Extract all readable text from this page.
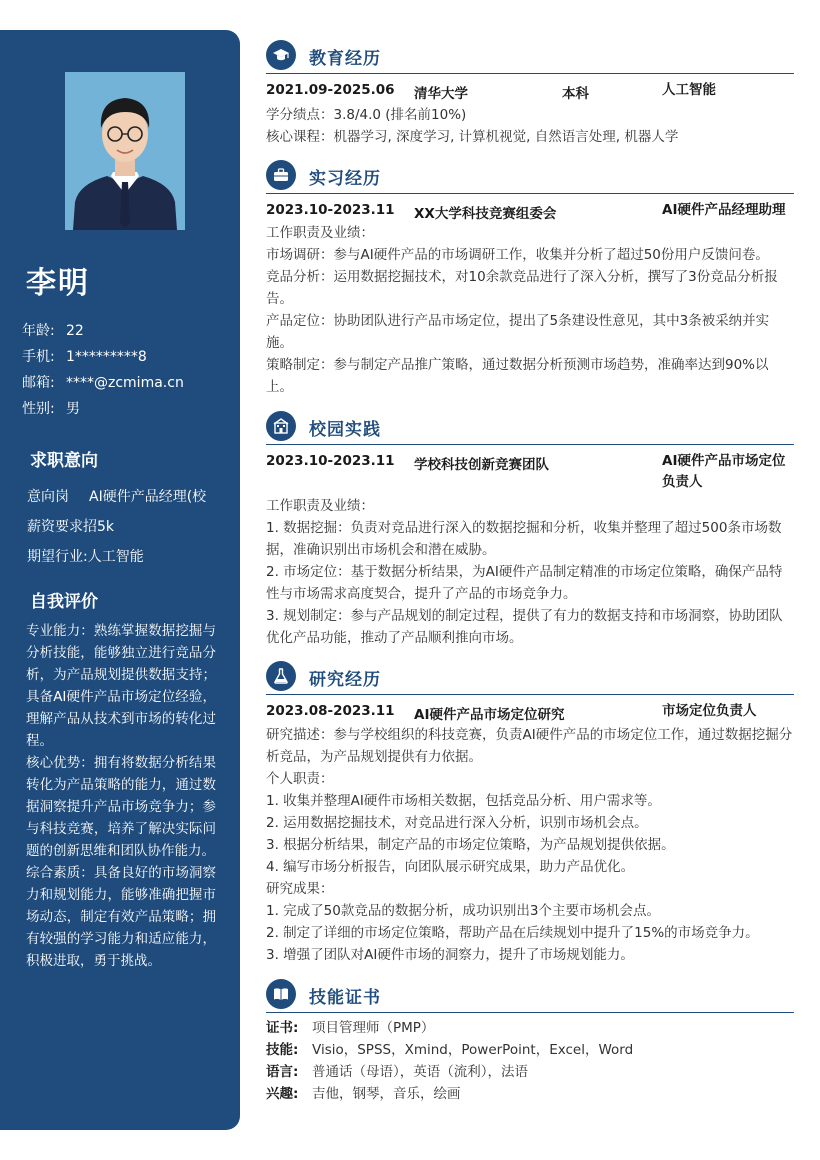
李明
年龄: 22
手机: 1*********8
邮箱: ****@zcmima.cn
性别: 男
求职意向
意向岗 AI硬件产品经理(校
薪资要求招5k
期望行业:人工智能
自我评价

专业能力：熟练掌握数据挖掘与分析技能，能够独立进行竞品分析，为产品规划提供数据支持；具备AI硬件产品市场定位经验，理解产品从技术到市场的转化过程。

核心优势：拥有将数据分析结果转化为产品策略的能力，通过数据洞察提升产品市场竞争力；参与科技竞赛，培养了解决实际问题的创新思维和团队协作能力。

综合素质：具备良好的市场洞察力和规划能力，能够准确把握市场动态，制定有效产品策略；拥有较强的学习能力和适应能力，积极进取，勇于挑战。

教育经历
2021.09-2025.06 清华大学	本科	人工智能

学分绩点：3.8/4.0 (排名前10%)

核心课程：机器学习, 深度学习, 计算机视觉, 自然语言处理, 机器人学

实习经历
2023.10-2023.11 XX大学科技竞赛组委会	AI硬件产品经理助理

工作职责及业绩：

市场调研：参与AI硬件产品的市场调研工作，收集并分析了超过50份用户反馈问卷。

竞品分析：运用数据挖掘技术，对10余款竞品进行了深入分析，撰写了3份竞品分析报告。

产品定位：协助团队进行产品市场定位，提出了5条建设性意见，其中3条被采纳并实施。

策略制定：参与制定产品推广策略，通过数据分析预测市场趋势，准确率达到90%以上。

校园实践
2023.10-2023.11 学校科技创新竞赛团队	AI硬件产品市场定位负责人

工作职责及业绩：

1. 数据挖掘：负责对竞品进行深入的数据挖掘和分析，收集并整理了超过500条市场数据，准确识别出市场机会和潜在威胁。

2. 市场定位：基于数据分析结果，为AI硬件产品制定精准的市场定位策略，确保产品特性与市场需求高度契合，提升了产品的市场竞争力。

3. 规划制定：参与产品规划的制定过程，提供了有力的数据支持和市场洞察，协助团队优化产品功能，推动了产品顺利推向市场。

研究经历
2023.08-2023.11 AI硬件产品市场定位研究	市场定位负责人

研究描述：参与学校组织的科技竞赛，负责AI硬件产品的市场定位工作，通过数据挖掘分析竞品，为产品规划提供有力依据。

个人职责：

1. 收集并整理AI硬件市场相关数据，包括竞品分析、用户需求等。

2. 运用数据挖掘技术，对竞品进行深入分析，识别市场机会点。

3. 根据分析结果，制定产品的市场定位策略，为产品规划提供依据。

4. 编写市场分析报告，向团队展示研究成果，助力产品优化。

研究成果：

1. 完成了50款竞品的数据分析，成功识别出3个主要市场机会点。

2. 制定了详细的市场定位策略，帮助产品在后续规划中提升了15%的市场竞争力。

3. 增强了团队对AI硬件市场的洞察力，提升了市场规划能力。

技能证书
证书: 项目管理师（PMP）
技能: Visio，SPSS，Xmind，PowerPoint，Excel，Word
语言: 普通话（母语），英语（流利），法语
兴趣: 吉他，钢琴，音乐，绘画
